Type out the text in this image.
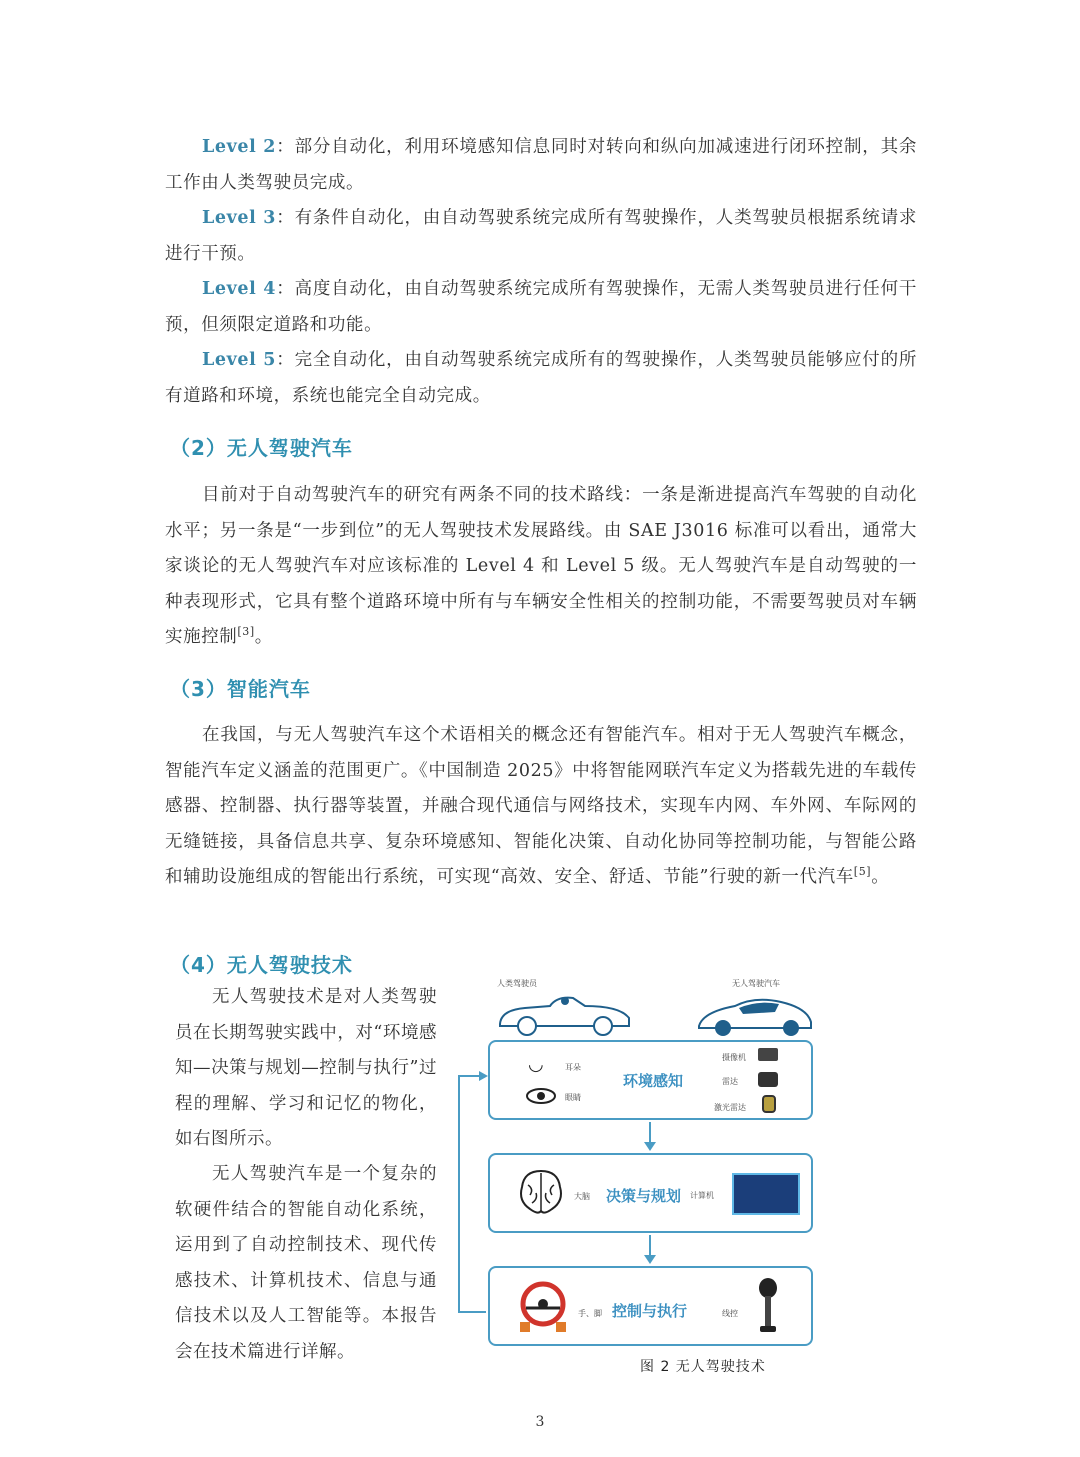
Level 2：部分自动化，利用环境感知信息同时对转向和纵向加减速进行闭环控制，其余工作由人类驾驶员完成。

Level 3：有条件自动化，由自动驾驶系统完成所有驾驶操作，人类驾驶员根据系统请求进行干预。

Level 4：高度自动化，由自动驾驶系统完成所有驾驶操作，无需人类驾驶员进行任何干预，但须限定道路和功能。

Level 5：完全自动化，由自动驾驶系统完成所有的驾驶操作，人类驾驶员能够应付的所有道路和环境，系统也能完全自动完成。

（2）无人驾驶汽车

目前对于自动驾驶汽车的研究有两条不同的技术路线：一条是渐进提高汽车驾驶的自动化水平；另一条是“一步到位”的无人驾驶技术发展路线。由 SAE J3016 标准可以看出，通常大家谈论的无人驾驶汽车对应该标准的 Level 4 和 Level 5 级。无人驾驶汽车是自动驾驶的一种表现形式，它具有整个道路环境中所有与车辆安全性相关的控制功能，不需要驾驶员对车辆实施控制[3]。

（3）智能汽车

在我国，与无人驾驶汽车这个术语相关的概念还有智能汽车。相对于无人驾驶汽车概念，智能汽车定义涵盖的范围更广。《中国制造 2025》中将智能网联汽车定义为搭载先进的车载传感器、控制器、执行器等装置，并融合现代通信与网络技术，实现车内网、车外网、车际网的无缝链接，具备信息共享、复杂环境感知、智能化决策、自动化协同等控制功能，与智能公路和辅助设施组成的智能出行系统，可实现“高效、安全、舒适、节能”行驶的新一代汽车[5]。

（4）无人驾驶技术

无人驾驶技术是对人类驾驶员在长期驾驶实践中，对“环境感知—决策与规划—控制与执行”过程的理解、学习和记忆的物化，如右图所示。

无人驾驶汽车是一个复杂的软硬件结合的智能自动化系统，运用到了自动控制技术、现代传感技术、计算机技术、信息与通信技术以及人工智能等。本报告会在技术篇进行详解。

人类驾驶员	无人驾驶汽车
◡	耳朵
眼睛
环境感知
摄像机
雷达
激光雷达
大脑 决策与规划 计算机
手、脚 控制与执行	线控
图 2 无人驾驶技术
3
